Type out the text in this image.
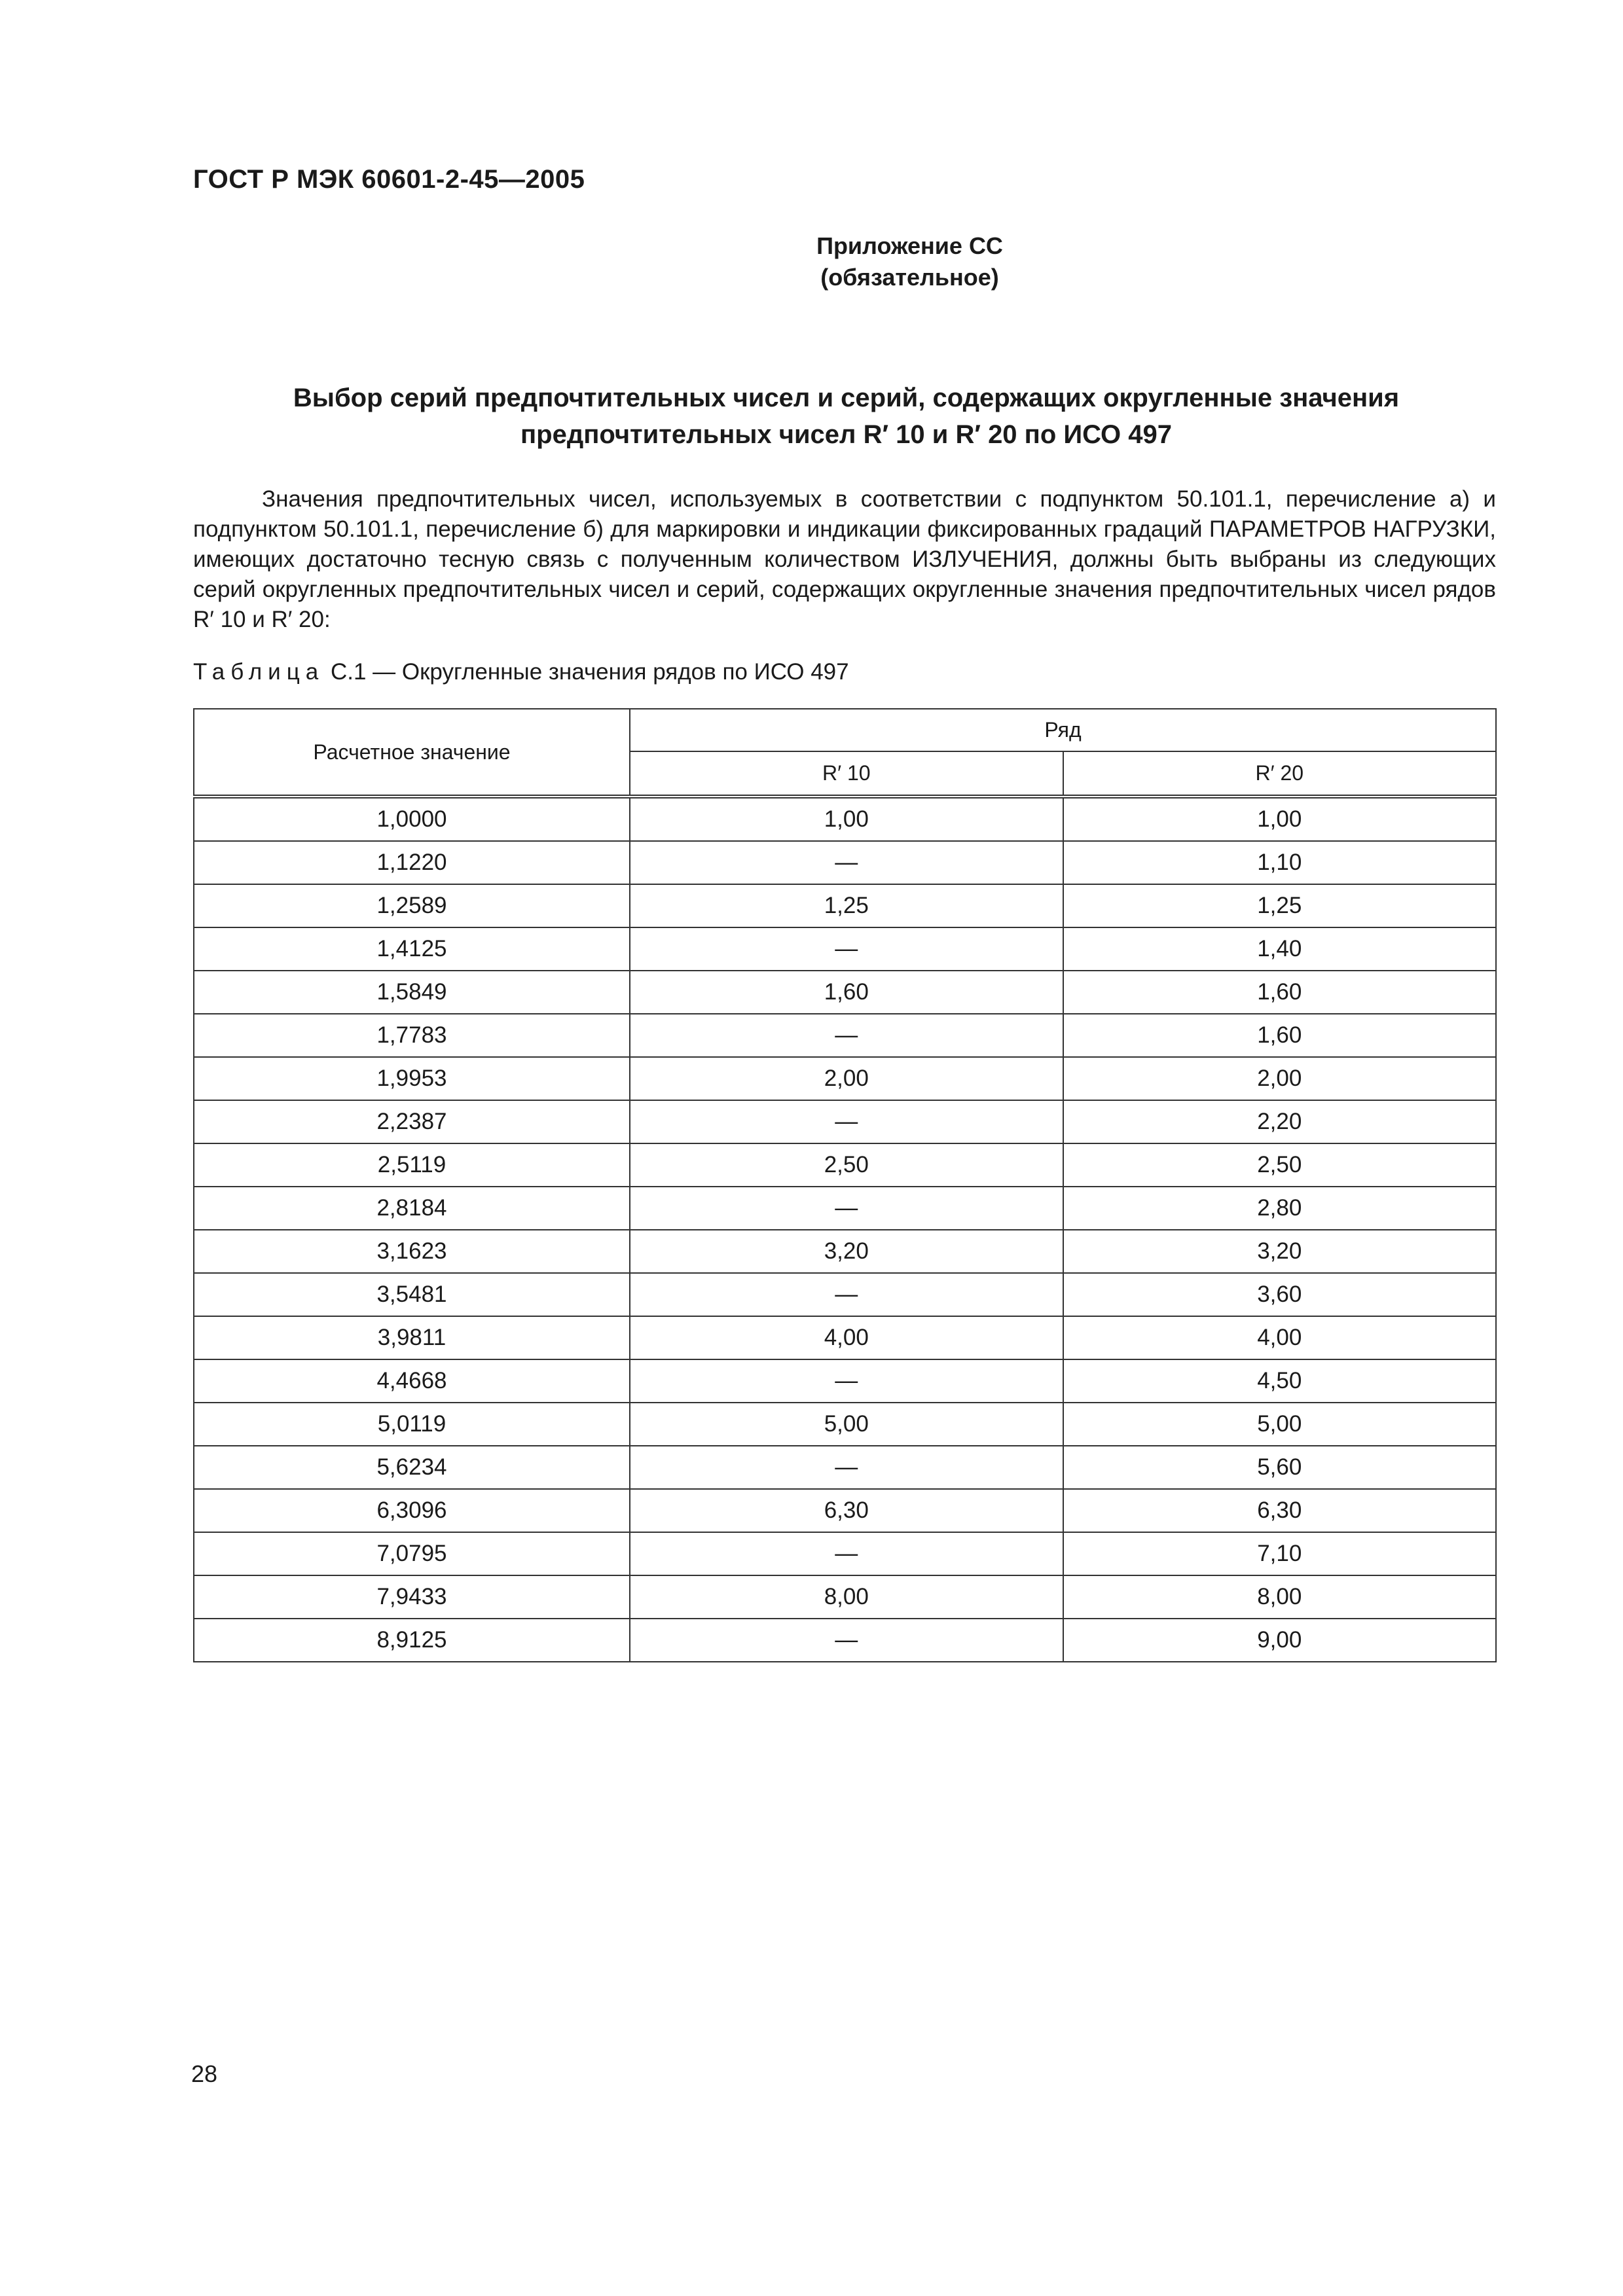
ГОСТ Р МЭК 60601-2-45—2005
Приложение СС
(обязательное)
Выбор серий предпочтительных чисел и серий, содержащих округленные значения
предпочтительных чисел R′ 10 и R′ 20 по ИСО 497

Значения предпочтительных чисел, используемых в соответствии с подпунктом 50.101.1, перечисление а) и подпунктом 50.101.1, перечисление б) для маркировки и индикации фиксированных градаций ПАРАМЕТРОВ НАГРУЗКИ, имеющих достаточно тесную связь с полученным количеством ИЗЛУЧЕНИЯ, должны быть выбраны из следующих серий округленных предпочтительных чисел и серий, содержащих округленные значения предпочтительных чисел рядов R′ 10 и R′ 20:

Таблица С.1 — Округленные значения рядов по ИСО 497
Расчетное значение	Ряд	
	R′ 10	R′ 20
1,0000	1,00	1,00
1,1220	—	1,10
1,2589	1,25	1,25
1,4125	—	1,40
1,5849	1,60	1,60
1,7783	—	1,60
1,9953	2,00	2,00
2,2387	—	2,20
2,5119	2,50	2,50
2,8184	—	2,80
3,1623	3,20	3,20
3,5481	—	3,60
3,9811	4,00	4,00
4,4668	—	4,50
5,0119	5,00	5,00
5,6234	—	5,60
6,3096	6,30	6,30
7,0795	—	7,10
7,9433	8,00	8,00
8,9125	—	9,00
28
